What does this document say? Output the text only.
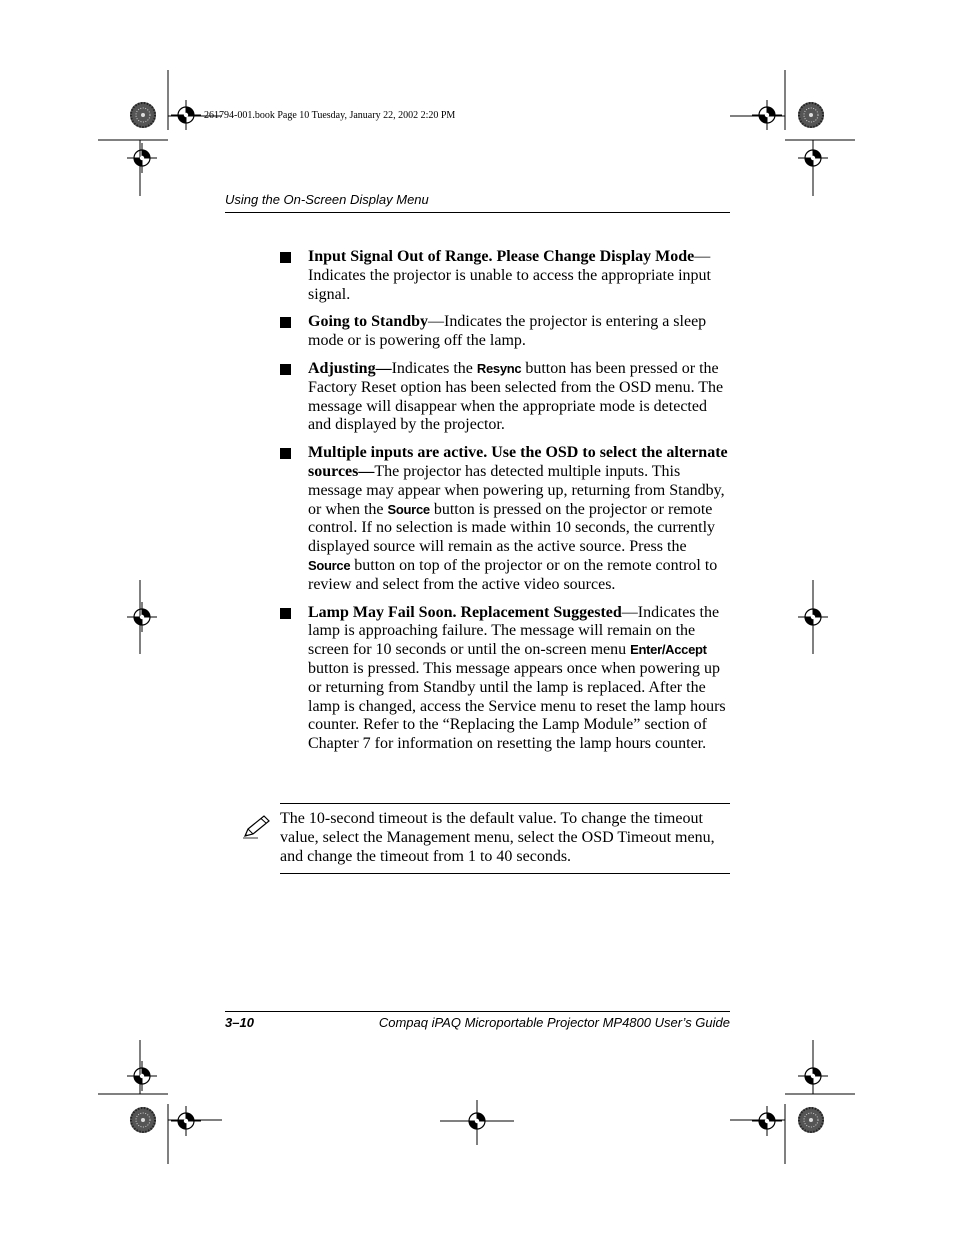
261794-001.book Page 10 Tuesday, January 22, 2002 2:20 PM
Using the On-Screen Display Menu
Input Signal Out of Range. Please Change Display Mode—Indicates the projector is unable to access the appropriate input signal.
Going to Standby—Indicates the projector is entering a sleep mode or is powering off the lamp.
Adjusting—Indicates the Resync button has been pressed or the Factory Reset option has been selected from the OSD menu. The message will disappear when the appropriate mode is detected and displayed by the projector.
Multiple inputs are active. Use the OSD to select the alternate sources—The projector has detected multiple inputs. This message may appear when powering up, returning from Standby, or when the Source button is pressed on the projector or remote control. If no selection is made within 10 seconds, the currently displayed source will remain as the active source. Press the Source button on top of the projector or on the remote control to review and select from the active video sources.
Lamp May Fail Soon. Replacement Suggested—Indicates the lamp is approaching failure. The message will remain on the screen for 10 seconds or until the on-screen menu Enter/Accept button is pressed. This message appears once when powering up or returning from Standby until the lamp is replaced. After the lamp is changed, access the Service menu to reset the lamp hours counter. Refer to the “Replacing the Lamp Module” section of Chapter 7 for information on resetting the lamp hours counter.
The 10-second timeout is the default value. To change the timeout value, select the Management menu, select the OSD Timeout menu, and change the timeout from 1 to 40 seconds.
3–10	Compaq iPAQ Microportable Projector MP4800 User’s Guide
